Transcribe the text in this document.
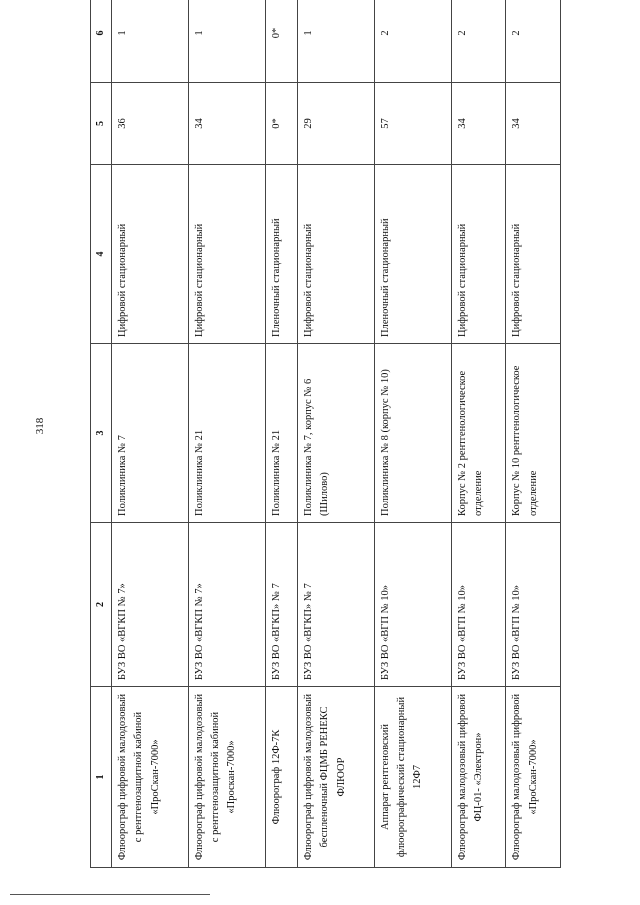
318
1	2	3	4	5	6
Флюорограф цифровой малодозовый с рентгенозащитной кабиной «ПроСкан-7000»	БУЗ ВО «ВГКП № 7»	Поликлиника № 7	Цифровой стационарный	36	1
Флюорограф цифровой малодозовый с рентгенозащитной кабиной «Проскан-7000»	БУЗ ВО «ВГКП № 7»	Поликлиника № 21	Цифровой стационарный	34	1
Флюорограф 12Ф-7К	БУЗ ВО «ВГКП» № 7	Поликлиника № 21	Пленочный стационарный	0*	0*
Флюорограф цифровой малодозовый беспленочный ФЦМБ РЕНЕКС ФЛЮОР	БУЗ ВО «ВГКП» № 7	Поликлиника № 7, корпус № 6 (Шилово)	Цифровой стационарный	29	1
Аппарат рентгеновский флюорографический стационарный 12Ф7	БУЗ ВО «ВГП № 10»	Поликлиника № 8 (корпус № 10)	Пленочный стационарный	57	2
Флюорограф малодозовый цифровой ФЦ-01- «Электрон»	БУЗ ВО «ВГП № 10»	Корпус № 2 рентгенологическое отделение	Цифровой стационарный	34	2
Флюорограф малодозовый цифровой «ПроСкан-7000»	БУЗ ВО «ВГП № 10»	Корпус № 10 рентгенологическое отделение	Цифровой стационарный	34	2
